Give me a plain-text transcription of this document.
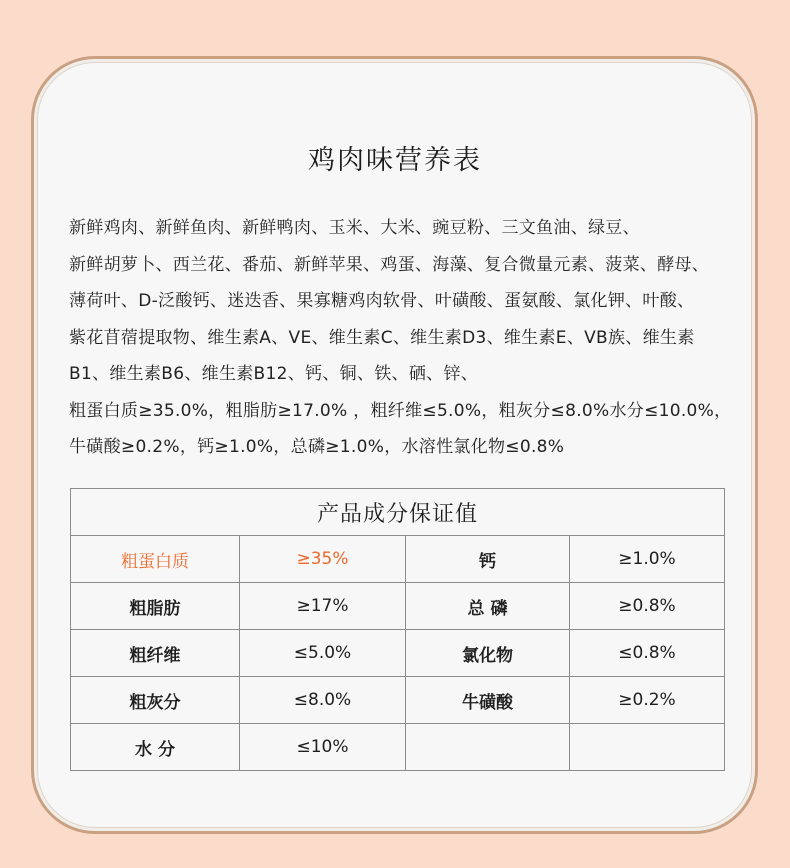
鸡肉味营养表

新鲜鸡肉、新鲜鱼肉、新鲜鸭肉、玉米、大米、豌豆粉、三文鱼油、绿豆、

新鲜胡萝卜、西兰花、番茄、新鲜苹果、鸡蛋、海藻、复合微量元素、菠菜、酵母、

薄荷叶、D-泛酸钙、迷迭香、果寡糖鸡肉软骨、叶磺酸、蛋氨酸、氯化钾、叶酸、

紫花苜蓿提取物、维生素A、VE、维生素C、维生素D3、维生素E、VB族、维生素

B1、维生素B6、维生素B12、钙、铜、铁、硒、锌、

粗蛋白质≥35.0%，粗脂肪≥17.0% ，粗纤维≤5.0%，粗灰分≤8.0%水分≤10.0%，

牛磺酸≥0.2%，钙≥1.0%，总磷≥1.0%，水溶性氯化物≤0.8%

产品成分保证值			
粗蛋白质	≥35%	钙	≥1.0%
粗脂肪	≥17%	总 磷	≥0.8%
粗纤维	≤5.0%	氯化物	≤0.8%
粗灰分	≤8.0%	牛磺酸	≥0.2%
水 分	≤10%		
